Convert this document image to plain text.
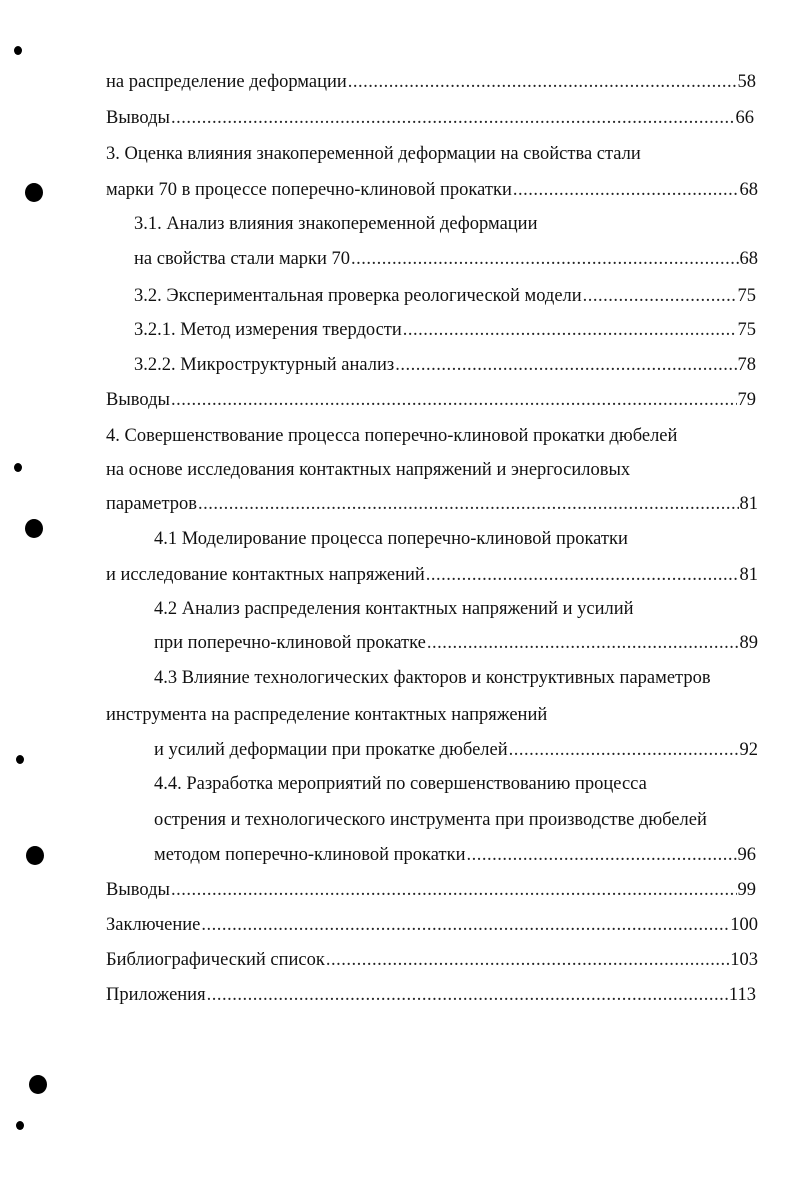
на распределение деформации .....	58
Выводы .....	66
3. Оценка влияния знакопеременной деформации на свойства стали
марки 70 в процессе поперечно-клиновой прокатки .....	68
3.1. Анализ влияния знакопеременной деформации
на свойства стали марки 70 .....	68
3.2. Экспериментальная проверка реологической модели .....	75
3.2.1. Метод измерения твердости .....	75
3.2.2. Микроструктурный анализ .....	78
Выводы .....	79
4. Совершенствование процесса поперечно-клиновой прокатки дюбелей
на основе исследования контактных напряжений и энергосиловых
параметров .....	81
4.1 Моделирование процесса поперечно-клиновой прокатки
и исследование контактных напряжений .....	81
4.2 Анализ распределения контактных напряжений и усилий
при поперечно-клиновой прокатке .....	89
4.3 Влияние технологических факторов и конструктивных параметров
инструмента на распределение контактных напряжений
и усилий деформации при прокатке дюбелей .....	92
4.4. Разработка мероприятий по совершенствованию процесса
острения и технологического инструмента при производстве дюбелей
методом поперечно-клиновой прокатки .....	96
Выводы .....	99
Заключение .....	100
Библиографический список .....	103
Приложения .....	113
